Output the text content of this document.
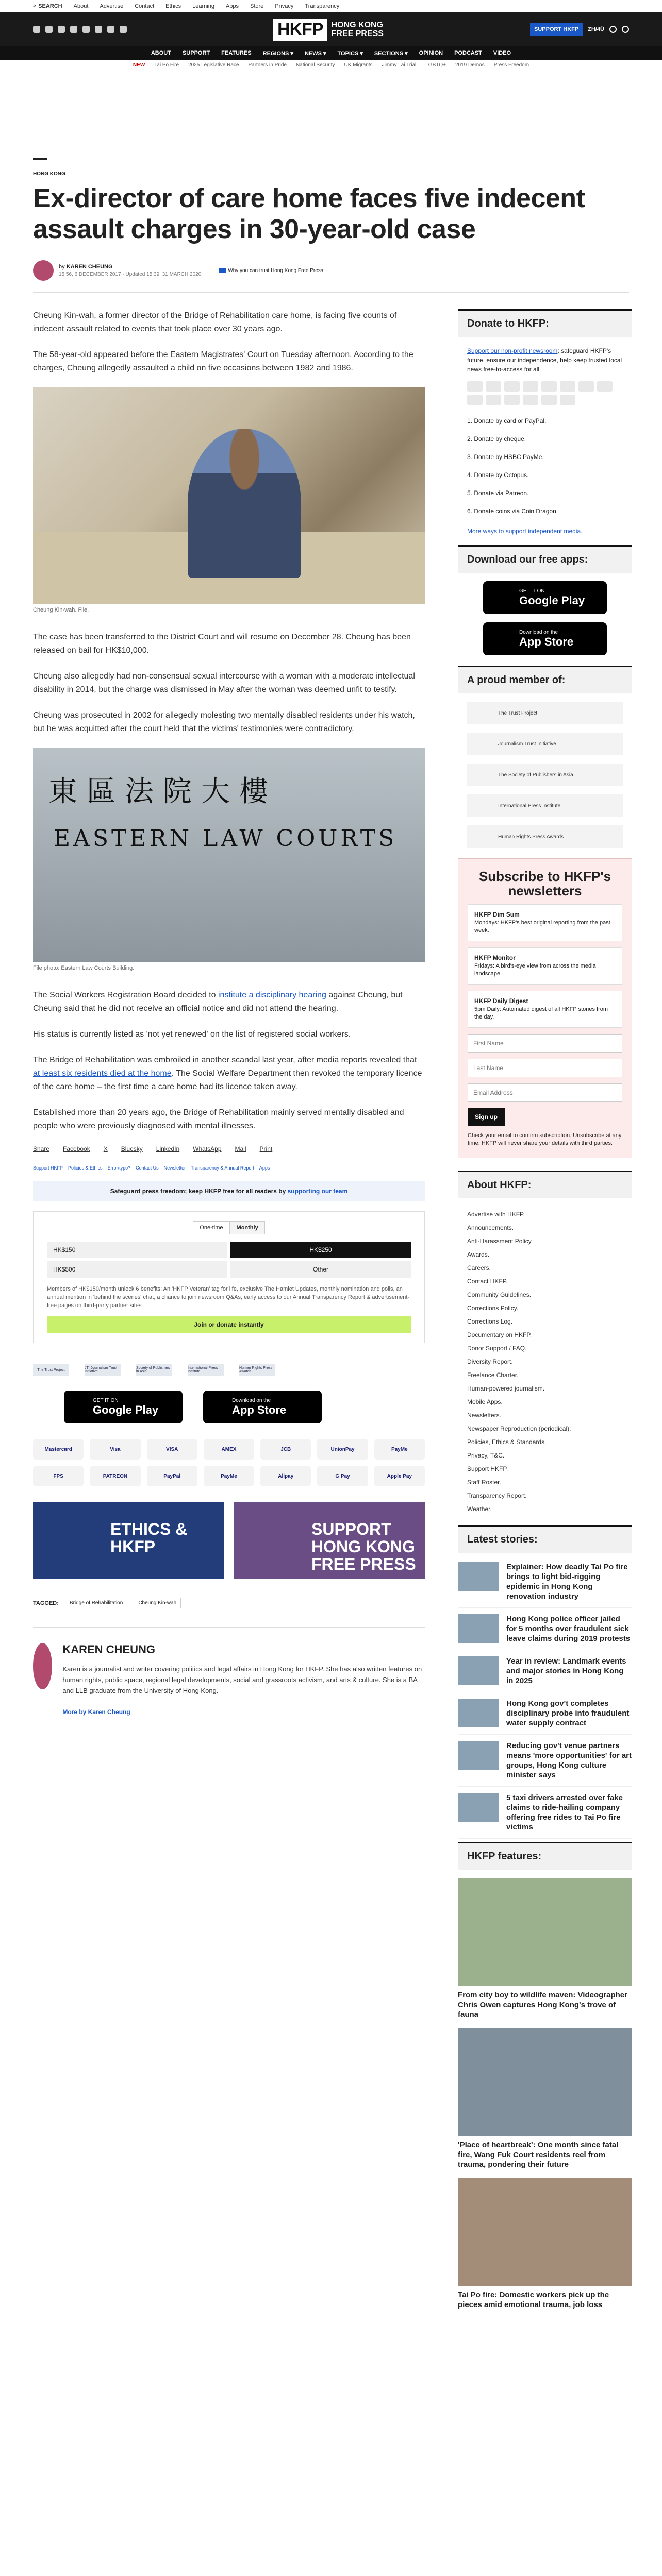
⌕ SEARCH About Advertise Contact Ethics Learning Apps Store Privacy Transparency
HKFP	HONG KONG
FREE PRESS	SUPPORT HKFP	ZH/4Ü
ABOUT SUPPORT FEATURES REGIONS ▾ NEWS ▾ TOPICS ▾ SECTIONS ▾ OPINION PODCAST VIDEO
NEW Tai Po Fire 2025 Legislative Race Partners in Pride National Security UK Migrants Jimmy Lai Trial LGBTQ+ 2019 Demos Press Freedom
HONG KONG
Ex-director of care home faces five indecent assault charges in 30-year-old case
by KAREN CHEUNG
15:56, 6 DECEMBER 2017 · Updated 15:39, 31 MARCH 2020
Why you can trust Hong Kong Free Press

Cheung Kin-wah, a former director of the Bridge of Rehabilitation care home, is facing five counts of indecent assault related to events that took place over 30 years ago.

The 58-year-old appeared before the Eastern Magistrates' Court on Tuesday afternoon. According to the charges, Cheung allegedly assaulted a child on five occasions between 1982 and 1986.

Cheung Kin-wah. File.

The case has been transferred to the District Court and will resume on December 28. Cheung has been released on bail for HK$10,000.

Cheung also allegedly had non-consensual sexual intercourse with a woman with a moderate intellectual disability in 2014, but the charge was dismissed in May after the woman was deemed unfit to testify.

Cheung was prosecuted in 2002 for allegedly molesting two mentally disabled residents under his watch, but he was acquitted after the court held that the victims' testimonies were contradictory.

東區法院大樓
EASTERN LAW COURTS
File photo: Eastern Law Courts Building.

The Social Workers Registration Board decided to institute a disciplinary hearing against Cheung, but Cheung said that he did not receive an official notice and did not attend the hearing.

His status is currently listed as 'not yet renewed' on the list of registered social workers.

The Bridge of Rehabilitation was embroiled in another scandal last year, after media reports revealed that at least six residents died at the home. The Social Welfare Department then revoked the temporary licence of the care home – the first time a care home had its licence taken away.

Established more than 20 years ago, the Bridge of Rehabilitation mainly served mentally disabled and people who were previously diagnosed with mental illnesses.

Share Facebook X Bluesky LinkedIn WhatsApp Mail Print
Support HKFP Policies & Ethics Error/typo? Contact Us Newsletter Transparency & Annual Report Apps
Safeguard press freedom; keep HKFP free for all readers by supporting our team
One-time	Monthly
HK$150	HK$250
HK$500	Other
Members of HK$150/month unlock 6 benefits: An 'HKFP Veteran' tag for life, exclusive The Hamlet Updates, monthly nomination and polls, an annual mention in 'behind the scenes' chat, a chance to join newsroom Q&As, early access to our Annual Transparency Report & advertisement-free pages on third-party partner sites.
Join or donate instantly
The Trust Project	JTI Journalism Trust Initiative
Society of Publishers in Asia
International Press Institute
Human Rights Press Awards
GET IT ON
Google Play
Download on the
App Store
Mastercard	Visa	VISA	AMEX	JCB	UnionPay	PayMe
FPS	PATREON	PayPal	PayMe	Alipay	G Pay	Apple Pay
ETHICS & HKFP
SUPPORT HONG KONG FREE PRESS
TAGGED:	Bridge of Rehabilitation	Cheung Kin-wah
KAREN CHEUNG

Karen is a journalist and writer covering politics and legal affairs in Hong Kong for HKFP. She has also written features on human rights, public space, regional legal developments, social and grassroots activism, and arts & culture. She is a BA and LLB graduate from the University of Hong Kong.

More by Karen Cheung
Donate to HKFP:
Support our non-profit newsroom: safeguard HKFP's future, ensure our independence, help keep trusted local news free-to-access for all.
1. Donate by card or PayPal.
2. Donate by cheque.
3. Donate by HSBC PayMe.
4. Donate by Octopus.
5. Donate via Patreon.
6. Donate coins via Coin Dragon.
More ways to support independent media.
Download our free apps:
GET IT ON
Google Play
Download on the
App Store
A proud member of:
The Trust Project
Journalism Trust Initiative
The Society of Publishers in Asia
International Press Institute
Human Rights Press Awards
Subscribe to HKFP's newsletters
HKFP Dim Sum
Mondays: HKFP's best original reporting from the past week.
HKFP Monitor
Fridays: A bird's-eye view from across the media landscape.
HKFP Daily Digest
5pm Daily: Automated digest of all HKFP stories from the day.
First Name
Last Name
Email Address
Sign up
Check your email to confirm subscription. Unsubscribe at any time. HKFP will never share your details with third parties.
About HKFP:
Advertise with HKFP.
Announcements.
Anti-Harassment Policy.
Awards.
Careers.
Contact HKFP.
Community Guidelines.
Corrections Policy.
Corrections Log.
Documentary on HKFP.
Donor Support / FAQ.
Diversity Report.
Freelance Charter.
Human-powered journalism.
Mobile Apps.
Newsletters.
Newspaper Reproduction (periodical).
Policies, Ethics & Standards.
Privacy, T&C.
Support HKFP.
Staff Roster.
Transparency Report.
Weather.
Latest stories:
Explainer: How deadly Tai Po fire brings to light bid-rigging epidemic in Hong Kong renovation industry
Hong Kong police officer jailed for 5 months over fraudulent sick leave claims during 2019 protests
Year in review: Landmark events and major stories in Hong Kong in 2025
Hong Kong gov't completes disciplinary probe into fraudulent water supply contract
Reducing gov't venue partners means 'more opportunities' for art groups, Hong Kong culture minister says
5 taxi drivers arrested over fake claims to ride-hailing company offering free rides to Tai Po fire victims
HKFP features:
From city boy to wildlife maven: Videographer Chris Owen captures Hong Kong's trove of fauna
'Place of heartbreak': One month since fatal fire, Wang Fuk Court residents reel from trauma, pondering their future
Tai Po fire: Domestic workers pick up the pieces amid emotional trauma, job loss
